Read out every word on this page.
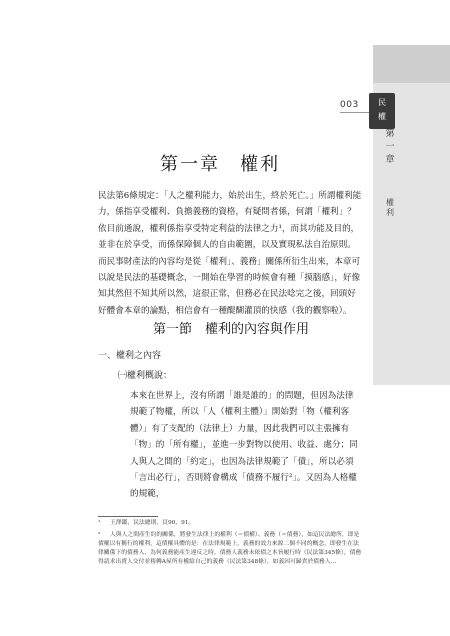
003	民
權
第一章
權利
第一章　權利

民法第6條規定：「人之權利能力，始於出生，終於死亡。」所謂權利能力，係指享受權利、負擔義務的資格，有疑問者係，何謂「權利」？依目前通說，權利係指享受特定利益的法律之力¹，而其功能及目的，並非在於享受，而係保障個人的自由範圍，以及實現私法自治原則。而民事財產法的內容均是從「權利」、義務」關係所衍生出來，本章可以說是民法的基礎概念，一開始在學習的時候會有種「摸腦感」，好像知其然但不知其所以然，這很正常，但務必在民法唸完之後，回頭好好體會本章的論點，相信會有一種醍醐灌頂的快感（我的觀察啦）。

第一節　權利的內容與作用
一、權利之內容
㈠權利概說：

本來在世界上，沒有所謂「誰是誰的」的問題，但因為法律規範了物權，所以「人（權利主體）」開始對「物（權利客體）」有了支配的（法律上）力量，因此我們可以主張擁有「物」的「所有權」，並進一步對物以使用、收益、處分；同人與人之間的「約定」，也因為法律規範了「債」，所以必須「言出必行」，否則將會構成「債務不履行²」。又因為人格權的規範，

¹ 王澤鑑，民法總則，頁90、91。

² 人與人之間產生約的關係，將發生法律上的權利（＝債權）、義務（＝債務），如這民法總所，即是債權以有稱行的權利，這債權具體的是：在法律規範上，義務的效力來源二個不同的概念，即發生在法律關係下的債務人，為何義務能產生違反之時，債務人義務未依債之本旨履行時（民法第345條），債務得請求出賣人交付並移轉A屋所有權給自己的義務（民法第348條），如義因可歸責於債務人...
